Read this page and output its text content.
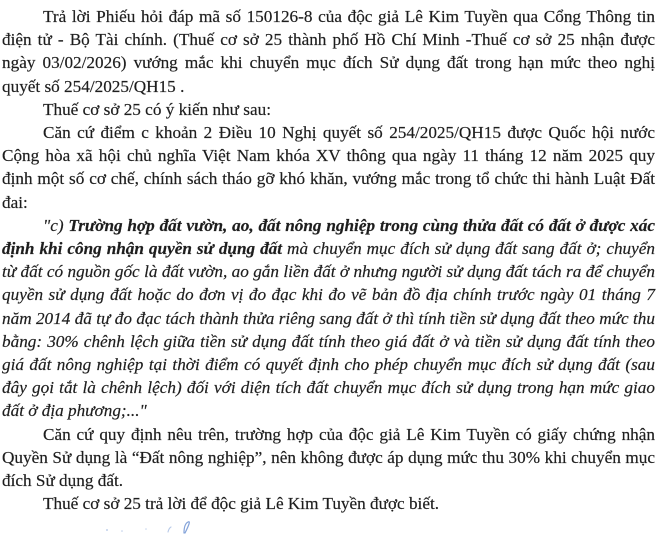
Trả lời Phiếu hỏi đáp mã số 150126-8 của độc giả Lê Kim Tuyền qua Cổng Thông tin điện tử - Bộ Tài chính. (Thuế cơ sở 25 thành phố Hồ Chí Minh -Thuế cơ sở 25 nhận được ngày 03/02/2026) vướng mắc khi chuyển mục đích Sử dụng đất trong hạn mức theo nghị quyết số 254/2025/QH15 .

Thuế cơ sở 25 có ý kiến như sau:

Căn cứ điểm c khoản 2 Điều 10 Nghị quyết số 254/2025/QH15 được Quốc hội nước Cộng hòa xã hội chủ nghĩa Việt Nam khóa XV thông qua ngày 11 tháng 12 năm 2025 quy định một số cơ chế, chính sách tháo gỡ khó khăn, vướng mắc trong tổ chức thi hành Luật Đất đai:

"c) Trường hợp đất vườn, ao, đất nông nghiệp trong cùng thửa đất có đất ở được xác định khi công nhận quyền sử dụng đất mà chuyển mục đích sử dụng đất sang đất ở; chuyển từ đất có nguồn gốc là đất vườn, ao gắn liền đất ở nhưng người sử dụng đất tách ra để chuyển quyền sử dụng đất hoặc do đơn vị đo đạc khi đo vẽ bản đồ địa chính trước ngày 01 tháng 7 năm 2014 đã tự đo đạc tách thành thửa riêng sang đất ở thì tính tiền sử dụng đất theo mức thu bằng: 30% chênh lệch giữa tiền sử dụng đất tính theo giá đất ở và tiền sử dụng đất tính theo giá đất nông nghiệp tại thời điểm có quyết định cho phép chuyển mục đích sử dụng đất (sau đây gọi tắt là chênh lệch) đối với diện tích đất chuyển mục đích sử dụng trong hạn mức giao đất ở địa phương;..."

Căn cứ quy định nêu trên, trường hợp của độc giả Lê Kim Tuyền có giấy chứng nhận Quyền Sử dụng là “Đất nông nghiệp”, nên không được áp dụng mức thu 30% khi chuyển mục đích Sử dụng đất.

Thuế cơ sở 25 trả lời để độc giả Lê Kim Tuyền được biết.
